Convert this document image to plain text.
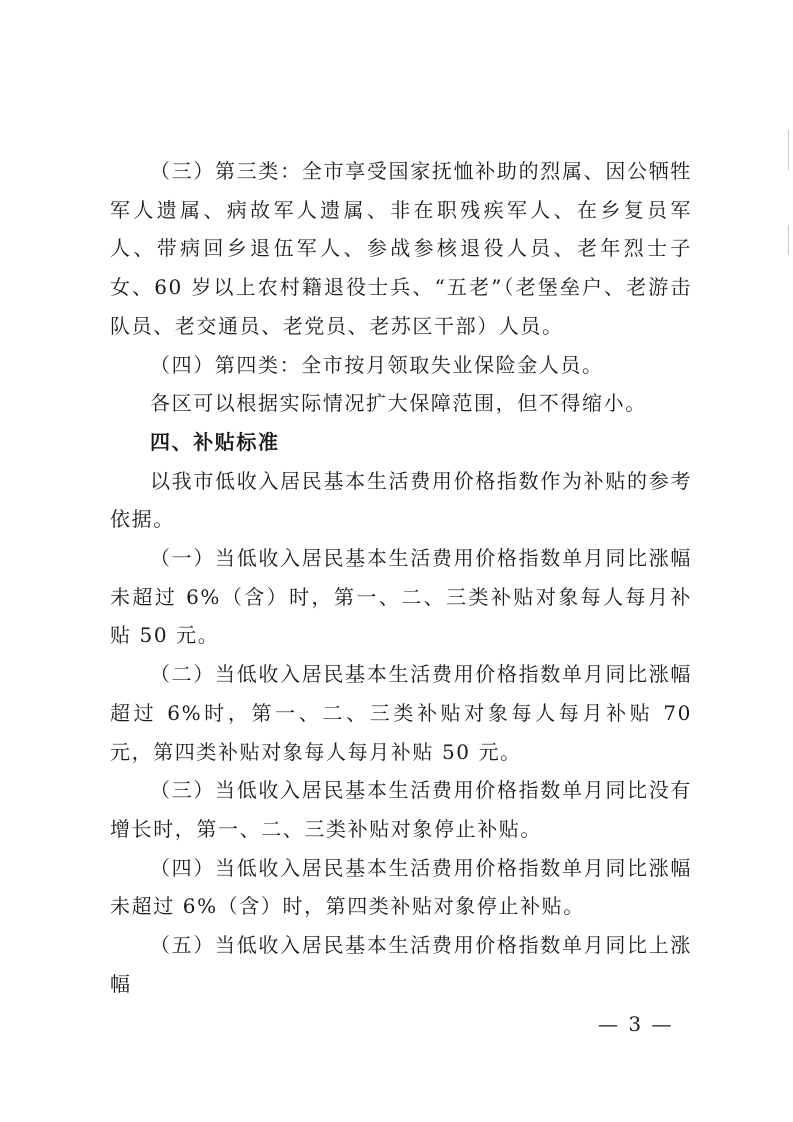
（三）第三类：全市享受国家抚恤补助的烈属、因公牺牲军人遗属、病故军人遗属、非在职残疾军人、在乡复员军人、带病回乡退伍军人、参战参核退役人员、老年烈士子女、60 岁以上农村籍退役士兵、“五老”（老堡垒户、老游击队员、老交通员、老党员、老苏区干部）人员。

（四）第四类：全市按月领取失业保险金人员。

各区可以根据实际情况扩大保障范围，但不得缩小。

四、补贴标准

以我市低收入居民基本生活费用价格指数作为补贴的参考依据。

（一）当低收入居民基本生活费用价格指数单月同比涨幅未超过 6%（含）时，第一、二、三类补贴对象每人每月补贴 50 元。

（二）当低收入居民基本生活费用价格指数单月同比涨幅超过 6%时，第一、二、三类补贴对象每人每月补贴 70 元，第四类补贴对象每人每月补贴 50 元。

（三）当低收入居民基本生活费用价格指数单月同比没有增长时，第一、二、三类补贴对象停止补贴。

（四）当低收入居民基本生活费用价格指数单月同比涨幅未超过 6%（含）时，第四类补贴对象停止补贴。

（五）当低收入居民基本生活费用价格指数单月同比上涨幅

— 3 —
